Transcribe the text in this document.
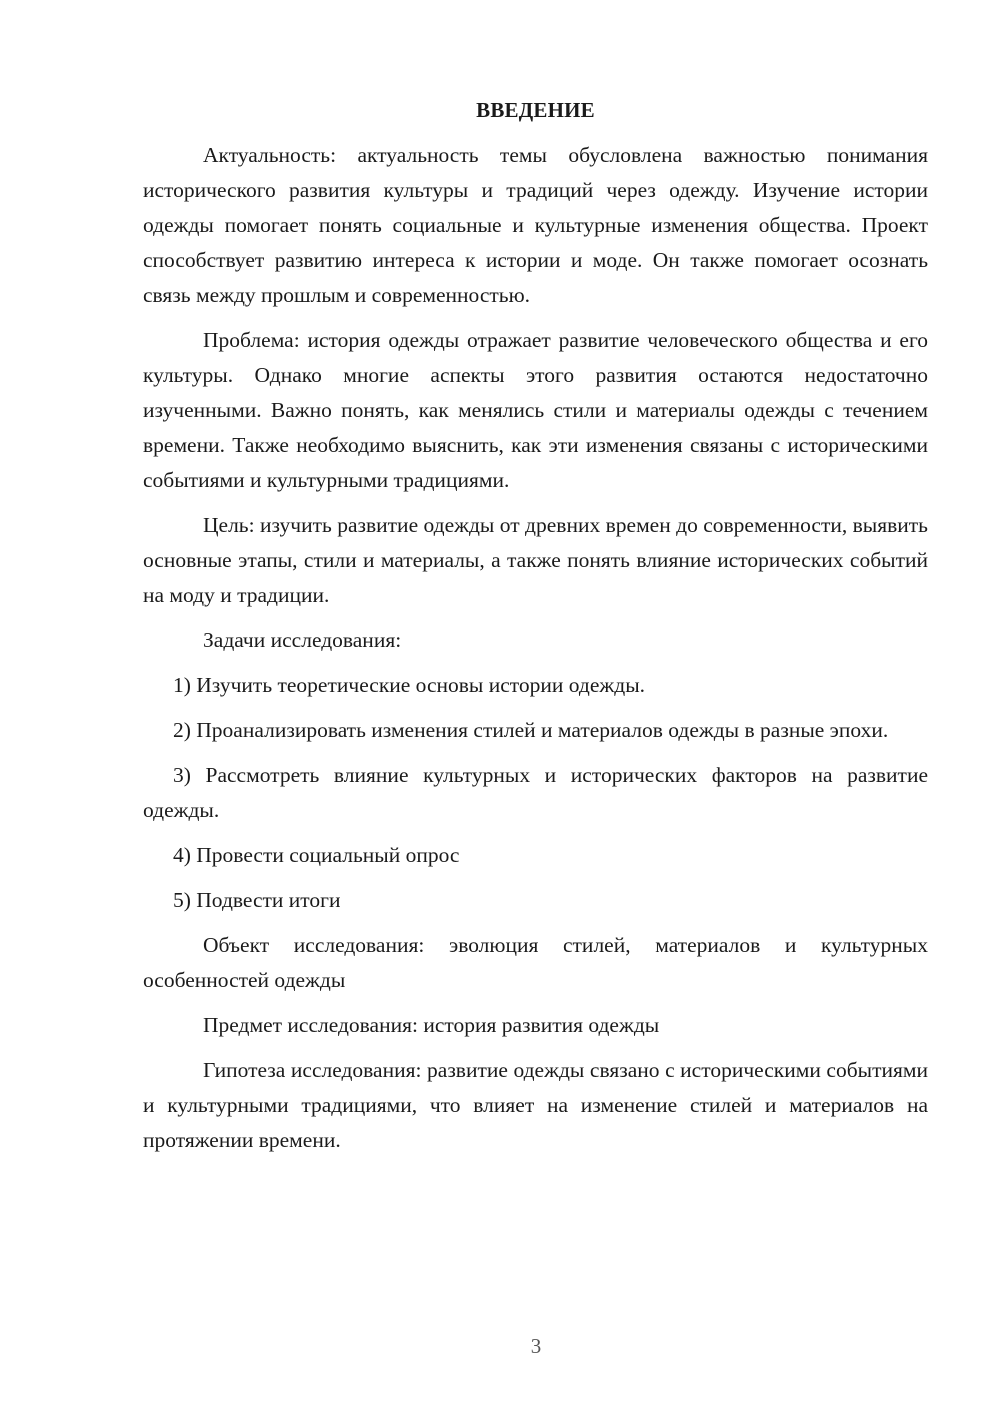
ВВЕДЕНИЕ

Актуальность: актуальность темы обусловлена важностью понимания исторического развития культуры и традиций через одежду. Изучение истории одежды помогает понять социальные и культурные изменения общества. Проект способствует развитию интереса к истории и моде. Он также помогает осознать связь между прошлым и современностью.

Проблема: история одежды отражает развитие человеческого общества и его культуры. Однако многие аспекты этого развития остаются недостаточно изученными. Важно понять, как менялись стили и материалы одежды с течением времени. Также необходимо выяснить, как эти изменения связаны с историческими событиями и культурными традициями.

Цель: изучить развитие одежды от древних времен до современности, выявить основные этапы, стили и материалы, а также понять влияние исторических событий на моду и традиции.

Задачи исследования:

1) Изучить теоретические основы истории одежды.

2) Проанализировать изменения стилей и материалов одежды в разные эпохи.

3) Рассмотреть влияние культурных и исторических факторов на развитие одежды.

4) Провести социальный опрос

5) Подвести итоги

Объект исследования: эволюция стилей, материалов и культурных особенностей одежды

Предмет исследования: история развития одежды

Гипотеза исследования: развитие одежды связано с историческими событиями и культурными традициями, что влияет на изменение стилей и материалов на протяжении времени.

3
